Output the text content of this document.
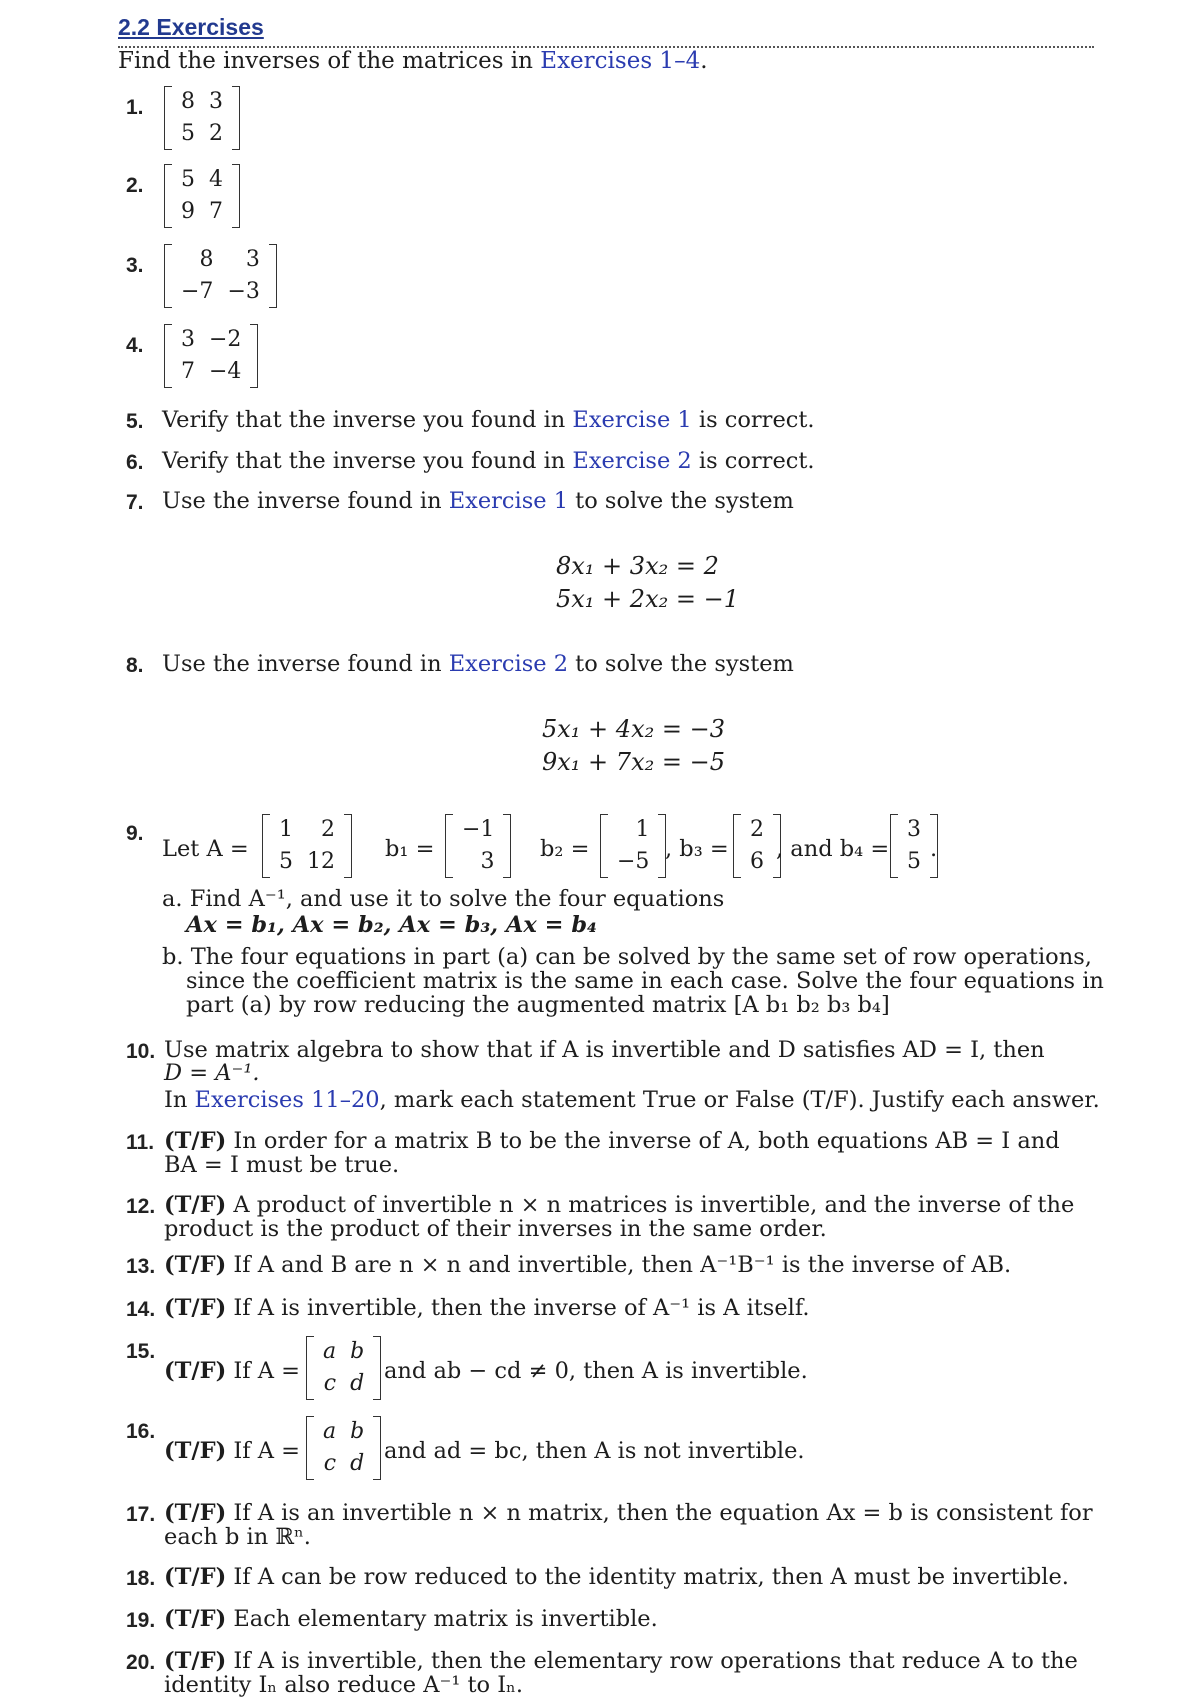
2.2 Exercises
Find the inverses of the matrices in Exercises 1–4.
1. 8	3
5	2
2. 5	4
9	7
3.	8	3
−7	−3
4. 3	−2
7	−4
5. Verify that the inverse you found in Exercise 1 is correct.
6. Verify that the inverse you found in Exercise 2 is correct.
7. Use the inverse found in Exercise 1 to solve the system
8x₁ + 3x₂ = 2
5x₁ + 2x₂ = −1
8. Use the inverse found in Exercise 2 to solve the system
5x₁ + 4x₂ = −3
9x₁ + 7x₂ = −5
9.
Let A =
1	2
5	12 b₁ =
−1
3 b₂ =
1
−5 , b₃ =
2
6 , and b₄ =
3
5 .
a. Find A⁻¹, and use it to solve the four equations
Ax = b₁, Ax = b₂, Ax = b₃, Ax = b₄
b. The four equations in part (a) can be solved by the same set of row operations,
since the coefficient matrix is the same in each case. Solve the four equations in
part (a) by row reducing the augmented matrix [A b₁ b₂ b₃ b₄]
10. Use matrix algebra to show that if A is invertible and D satisfies AD = I, then
D = A⁻¹.
In Exercises 11–20, mark each statement True or False (T/F). Justify each answer.
11. (T/F) In order for a matrix B to be the inverse of A, both equations AB = I and
BA = I must be true.
12. (T/F) A product of invertible n × n matrices is invertible, and the inverse of the
product is the product of their inverses in the same order.
13. (T/F) If A and B are n × n and invertible, then A⁻¹B⁻¹ is the inverse of AB.
14. (T/F) If A is invertible, then the inverse of A⁻¹ is A itself.
15.
(T/F) If A =
a	b
c	d and ab − cd ≠ 0, then A is invertible.
16.
(T/F) If A =
a	b
c	d and ad = bc, then A is not invertible.
17. (T/F) If A is an invertible n × n matrix, then the equation Ax = b is consistent for
each b in ℝⁿ.
18. (T/F) If A can be row reduced to the identity matrix, then A must be invertible.
19. (T/F) Each elementary matrix is invertible.
20. (T/F) If A is invertible, then the elementary row operations that reduce A to the
identity Iₙ also reduce A⁻¹ to Iₙ.
